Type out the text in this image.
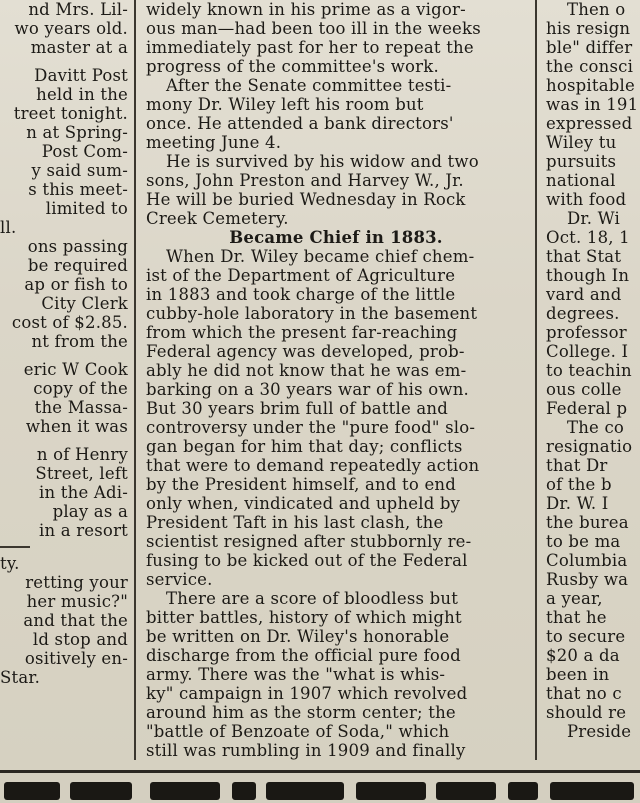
nd Mrs. Lil-
wo years old.
master at a
Davitt Post
held in the
treet tonight.
n at Spring-
Post Com-
y said sum-
s this meet-
limited to
ll.
ons passing
be required
ap or fish to
City Clerk
cost of $2.85.
nt from the
eric W Cook
copy of the
the Massa-
when it was
n of Henry
Street, left
in the Adi-
play as a
in a resort
ty.
retting your
her music?"
and that the
ld stop and
ositively en-
Star.
widely known in his prime as a vigor-
ous man—had been too ill in the weeks
immediately past for her to repeat the
progress of the committee's work.
After the Senate committee testi-
mony Dr. Wiley left his room but
once. He attended a bank directors'
meeting June 4.
He is survived by his widow and two
sons, John Preston and Harvey W., Jr.
He will be buried Wednesday in Rock
Creek Cemetery.
Became Chief in 1883.
When Dr. Wiley became chief chem-
ist of the Department of Agriculture
in 1883 and took charge of the little
cubby-hole laboratory in the basement
from which the present far-reaching
Federal agency was developed, prob-
ably he did not know that he was em-
barking on a 30 years war of his own.
But 30 years brim full of battle and
controversy under the "pure food" slo-
gan began for him that day; conflicts
that were to demand repeatedly action
by the President himself, and to end
only when, vindicated and upheld by
President Taft in his last clash, the
scientist resigned after stubbornly re-
fusing to be kicked out of the Federal
service.
There are a score of bloodless but
bitter battles, history of which might
be written on Dr. Wiley's honorable
discharge from the official pure food
army. There was the "what is whis-
ky" campaign in 1907 which revolved
around him as the storm center; the
"battle of Benzoate of Soda," which
still was rumbling in 1909 and finally
Then o
his resign
ble" differ
the consci
hospitable
was in 191
expressed
Wiley tu
pursuits
national
with food
Dr. Wi
Oct. 18, 1
that Stat
though In
vard and
degrees.
professor
College. I
to teachin
ous colle
Federal p
The co
resignatio
that Dr
of the b
Dr. W. I
the burea
to be ma
Columbia
Rusby wa
a year,
that he
to secure
$20 a da
been in
that no c
should re
Preside
